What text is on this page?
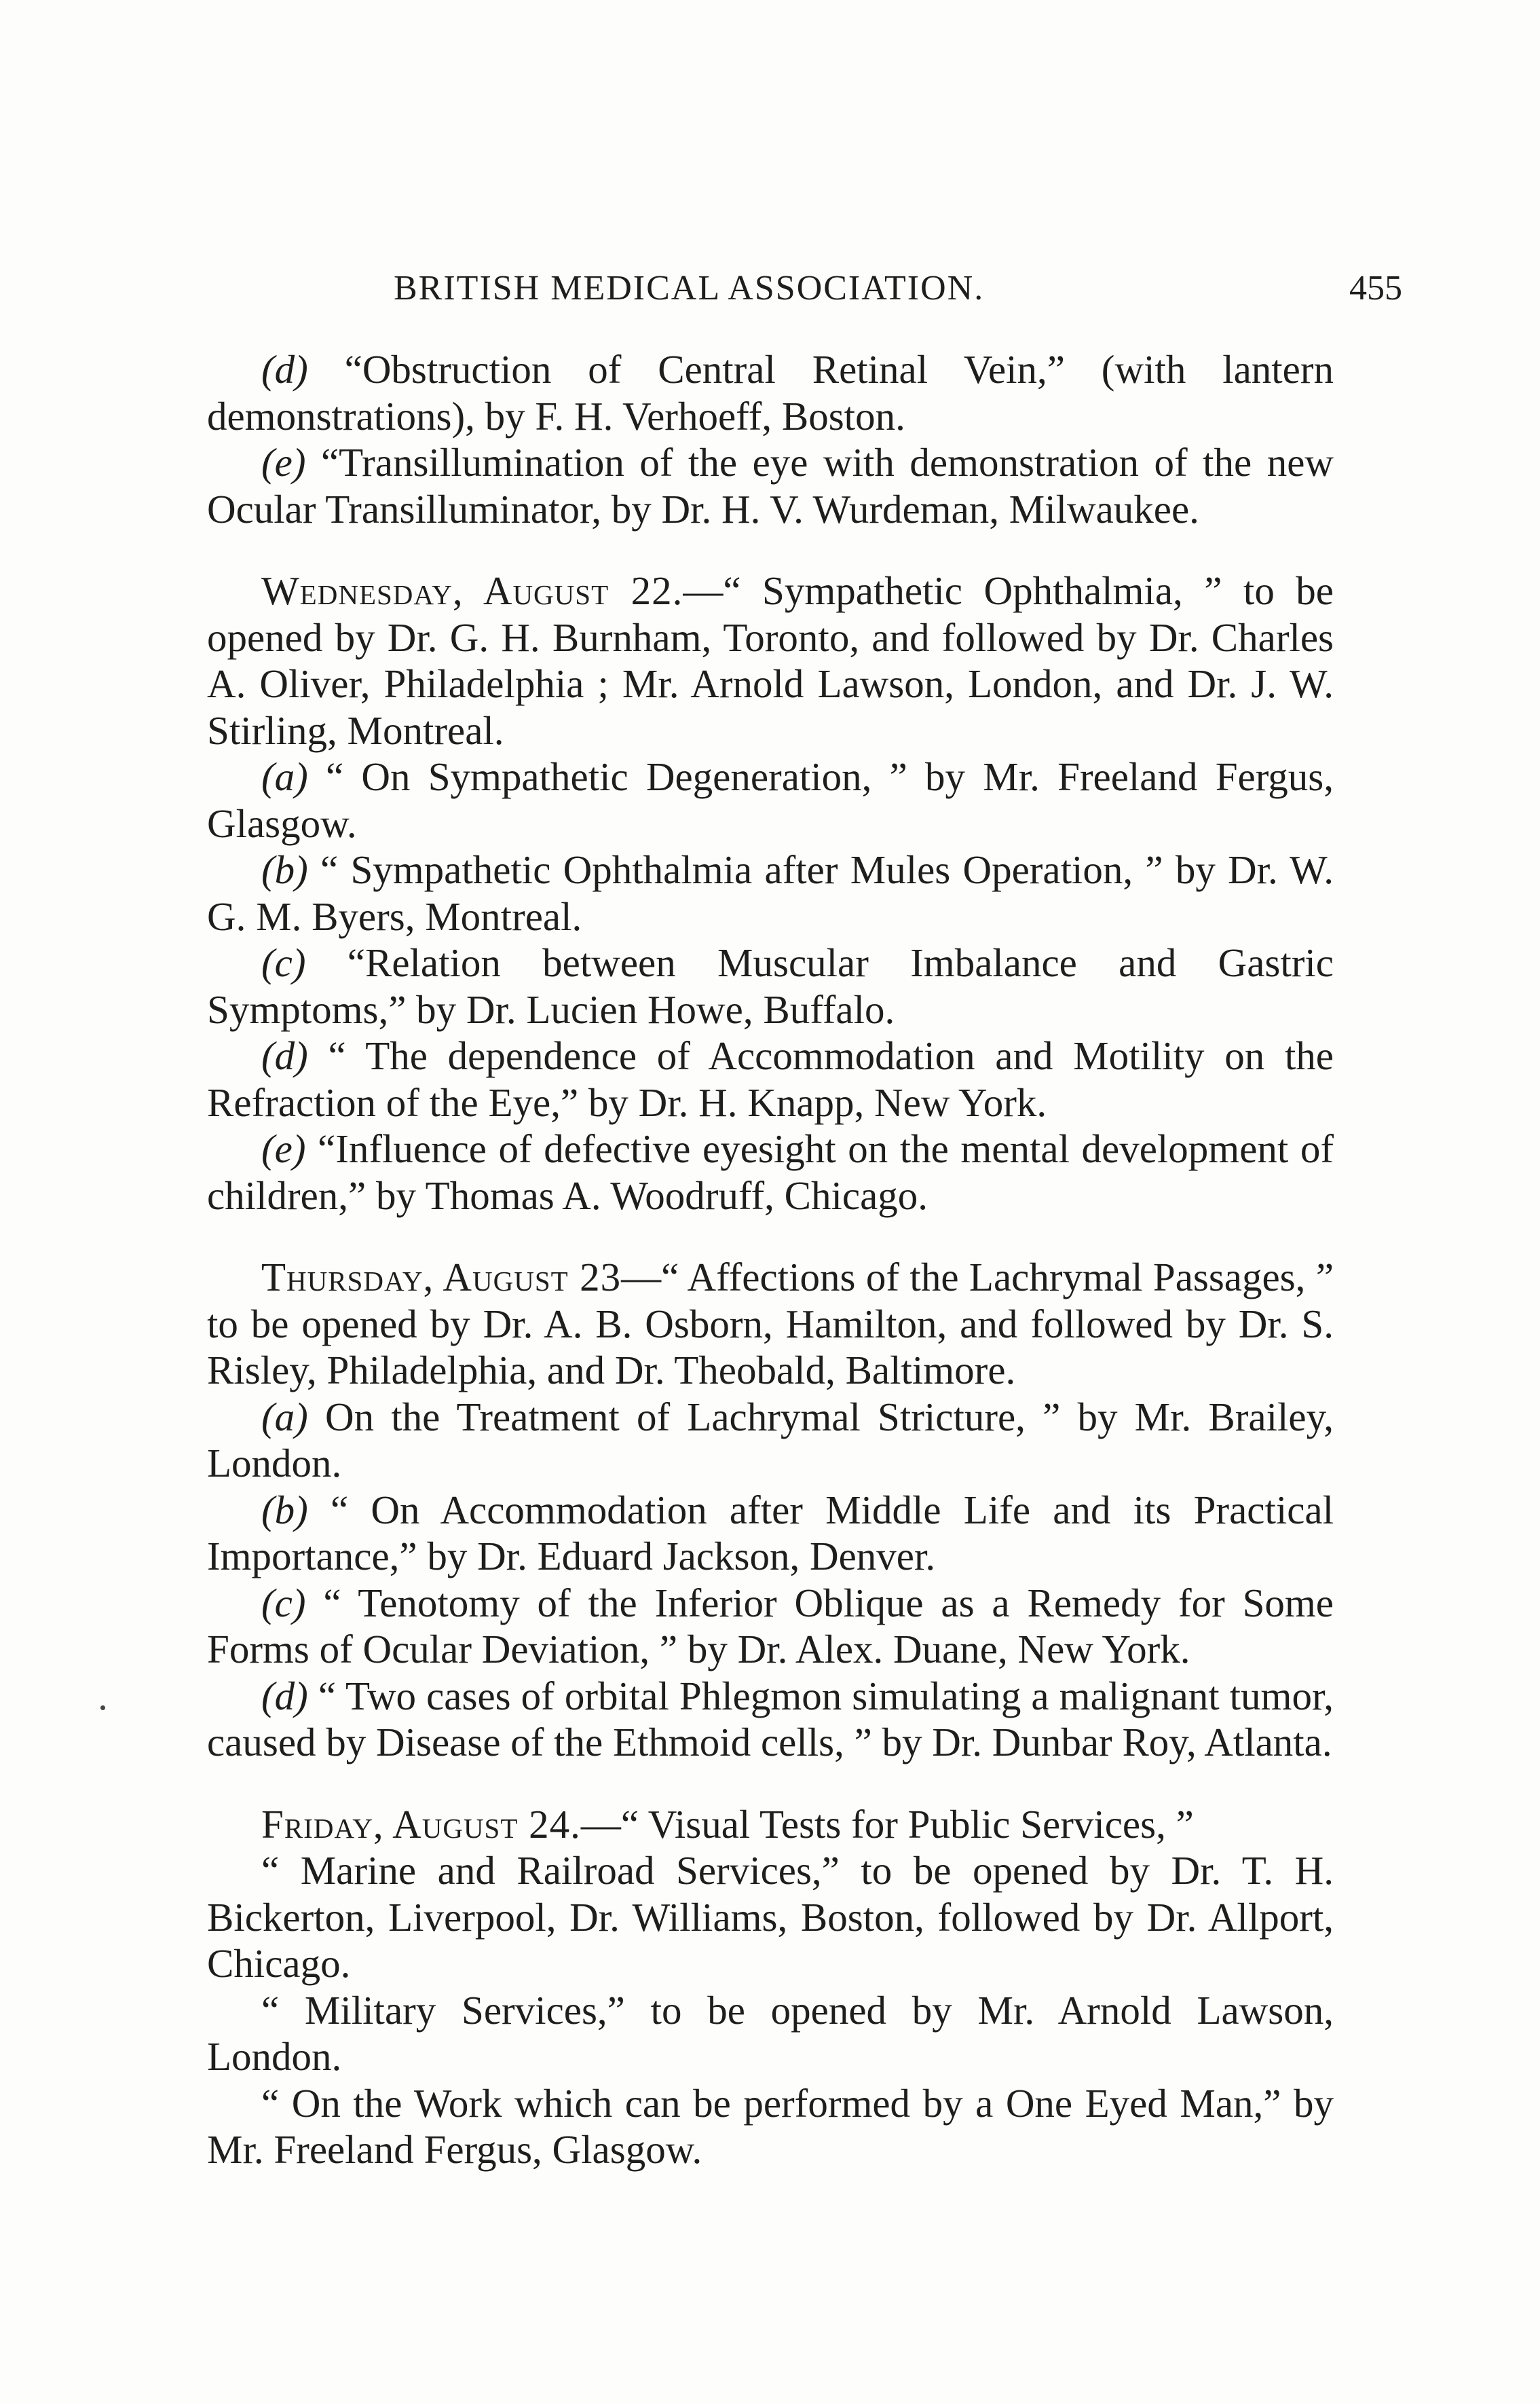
BRITISH MEDICAL ASSOCIATION.	455

(d) “Obstruction of Central Retinal Vein,” (with lantern demonstrations), by F. H. Verhoeff, Boston.

(e) “Transillumination of the eye with demonstration of the new Ocular Transilluminator, by Dr. H. V. Wurdeman, Milwaukee.

Wednesday, August 22.—“ Sympathetic Ophthalmia, ” to be opened by Dr. G. H. Burnham, Toronto, and followed by Dr. Charles A. Oliver, Philadelphia ; Mr. Arnold Lawson, London, and Dr. J. W. Stirling, Montreal.

(a) “ On Sympathetic Degeneration, ” by Mr. Freeland Fergus, Glasgow.

(b) “ Sympathetic Ophthalmia after Mules Operation, ” by Dr. W. G. M. Byers, Montreal.

(c) “Relation between Muscular Imbalance and Gastric Symptoms,” by Dr. Lucien Howe, Buffalo.

(d) “ The dependence of Accommodation and Motility on the Refraction of the Eye,” by Dr. H. Knapp, New York.

(e) “Influence of defective eyesight on the mental development of children,” by Thomas A. Woodruff, Chicago.

Thursday, August 23—“ Affections of the Lachrymal Passages, ” to be opened by Dr. A. B. Osborn, Hamilton, and followed by Dr. S. Risley, Philadelphia, and Dr. Theobald, Baltimore.

(a) On the Treatment of Lachrymal Stricture, ” by Mr. Brailey, London.

(b) “ On Accommodation after Middle Life and its Practical Importance,” by Dr. Eduard Jackson, Denver.

(c) “ Tenotomy of the Inferior Oblique as a Remedy for Some Forms of Ocular Deviation, ” by Dr. Alex. Duane, New York.

(d) “ Two cases of orbital Phlegmon simulating a malignant tumor, caused by Disease of the Ethmoid cells, ” by Dr. Dunbar Roy, Atlanta.

Friday, August 24.—“ Visual Tests for Public Services, ”

“ Marine and Railroad Services,” to be opened by Dr. T. H. Bickerton, Liverpool, Dr. Williams, Boston, followed by Dr. Allport, Chicago.

“ Military Services,” to be opened by Mr. Arnold Lawson, London.

“ On the Work which can be performed by a One Eyed Man,” by Mr. Freeland Fergus, Glasgow.
